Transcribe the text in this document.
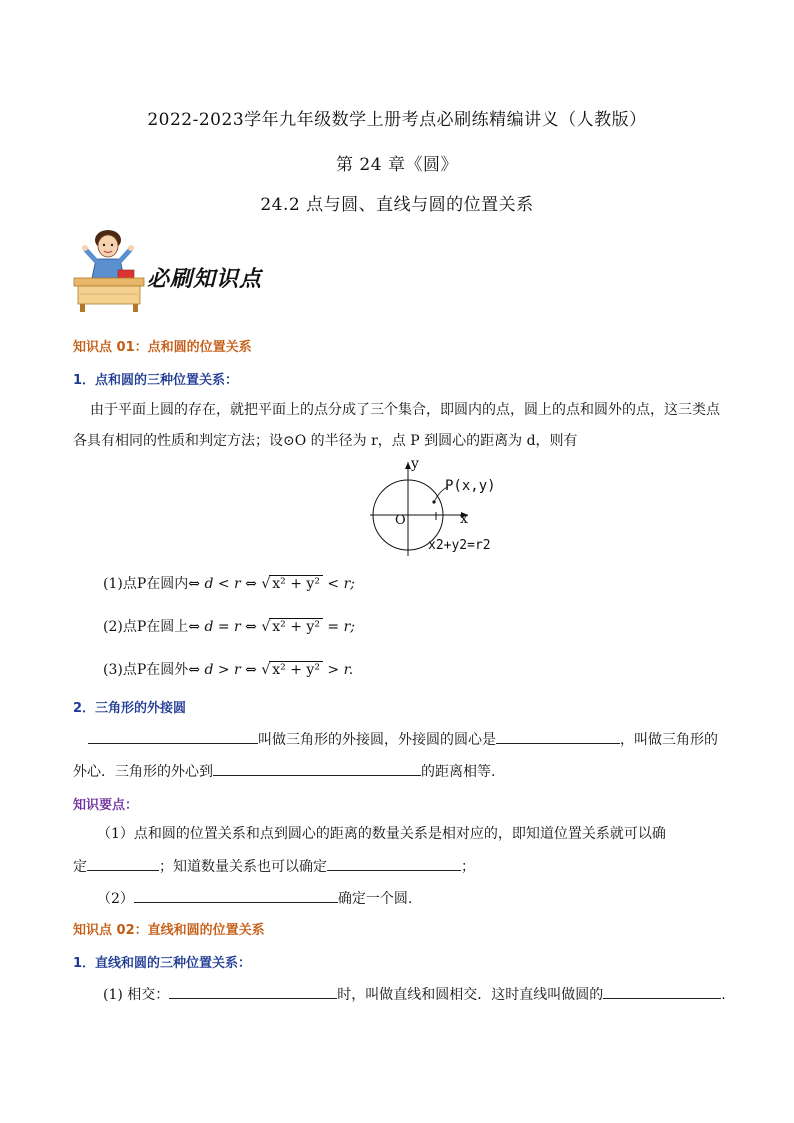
2022-2023学年九年级数学上册考点必刷练精编讲义（人教版）
第 24 章《圆》
24.2 点与圆、直线与圆的位置关系
必刷知识点
知识点 01：点和圆的位置关系
1．点和圆的三种位置关系：
由于平面上圆的存在，就把平面上的点分成了三个集合，即圆内的点，圆上的点和圆外的点，这三类点
各具有相同的性质和判定方法；设⊙O 的半径为 r，点 P 到圆心的距离为 d，则有
y
x
O
P(x,y)
x2+y2=r2
(1)点P在圆内⇔ d < r ⇔ √ x² + y² < r;
(2)点P在圆上⇔ d = r ⇔ √ x² + y² = r;
(3)点P在圆外⇔ d > r ⇔ √ x² + y² > r.
2．三角形的外接圆
叫做三角形的外接圆，外接圆的圆心是	，叫做三角形的
外心．三角形的外心到	的距离相等.
知识要点：
（1）点和圆的位置关系和点到圆心的距离的数量关系是相对应的，即知道位置关系就可以确
定	；知道数量关系也可以确定	；
（2）	确定一个圆.
知识点 02：直线和圆的位置关系
1．直线和圆的三种位置关系：
(1) 相交：	时，叫做直线和圆相交．这时直线叫做圆的	.
